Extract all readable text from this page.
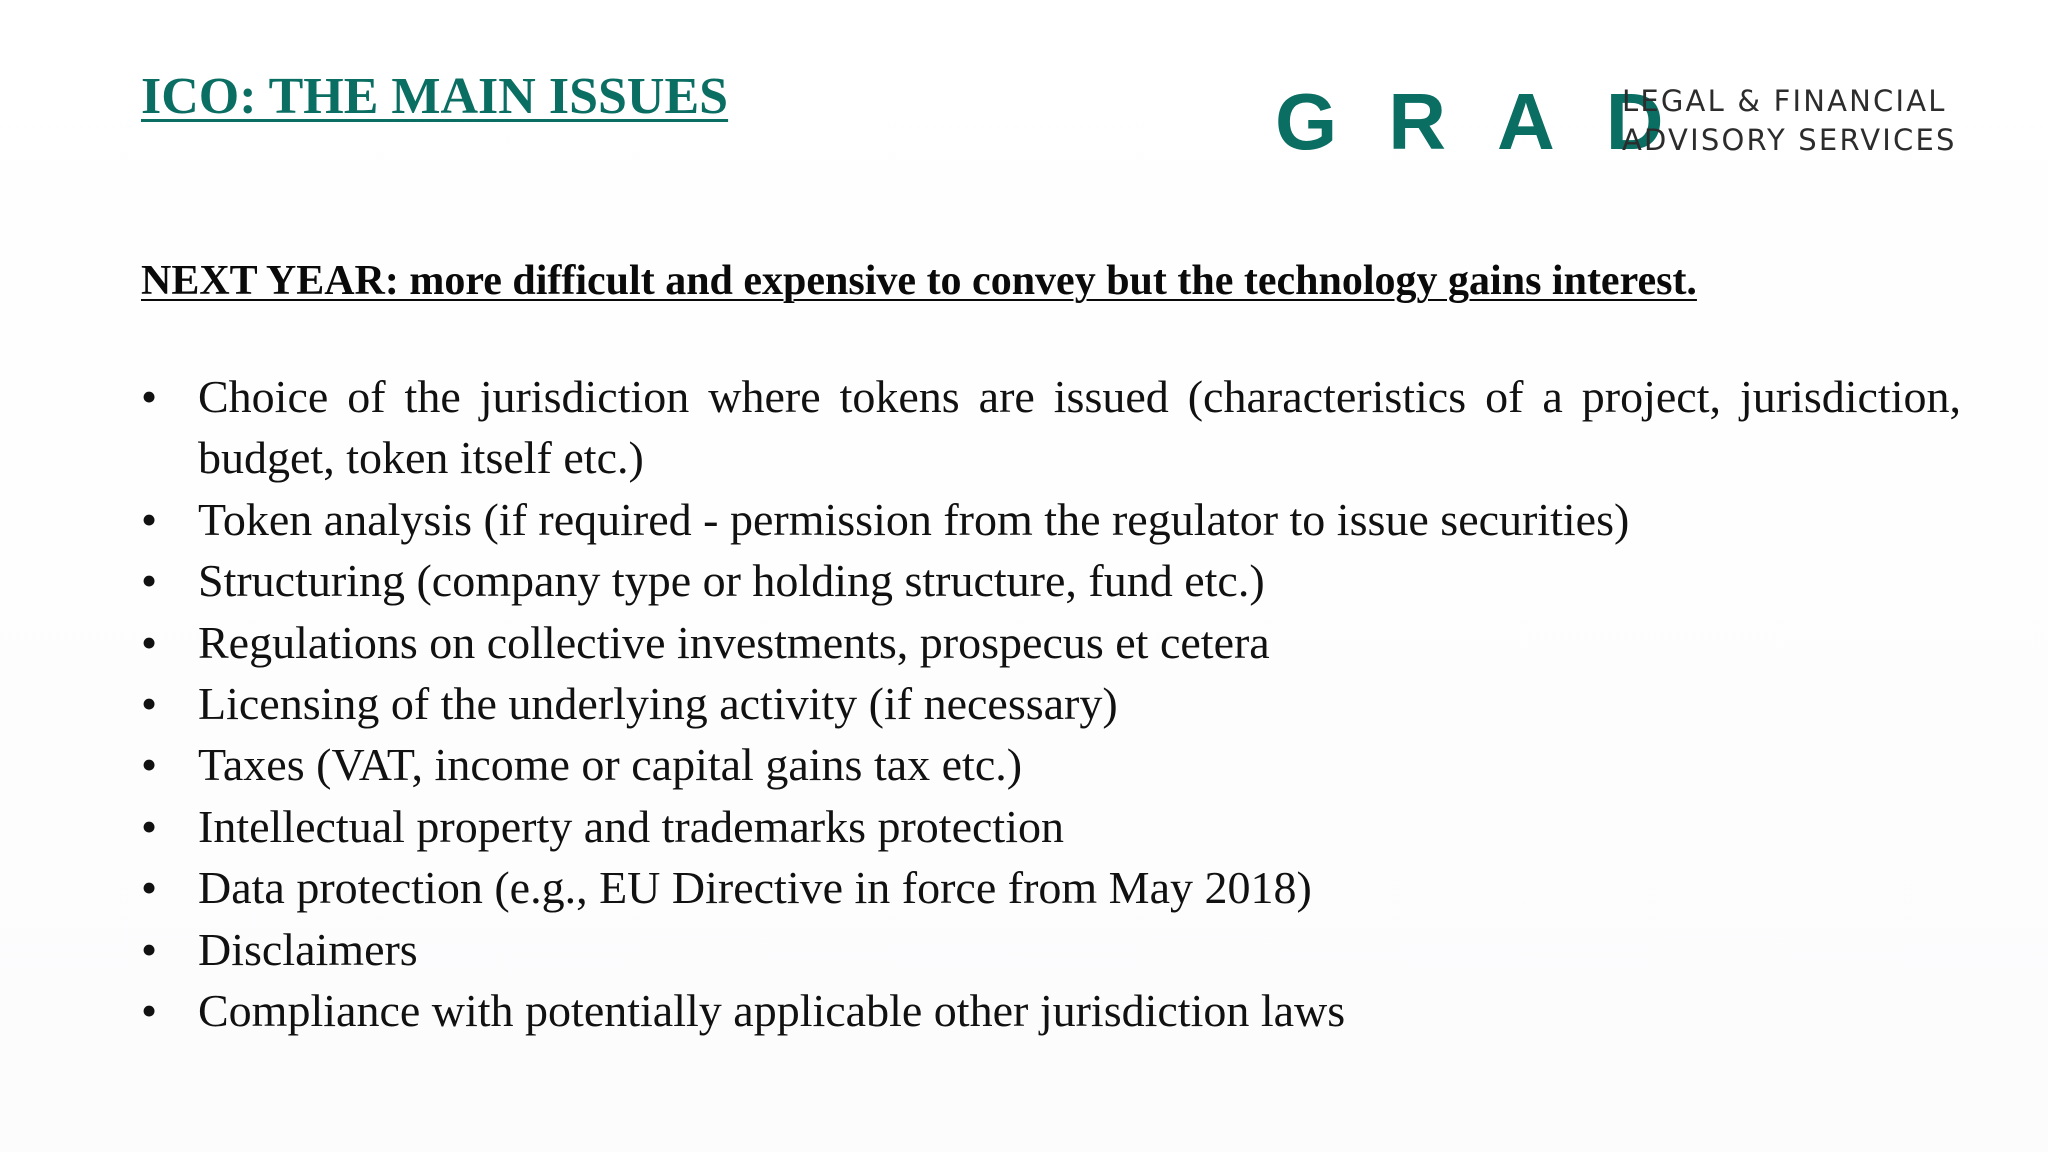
ICO: THE MAIN ISSUES	GRAD
LEGAL & FINANCIAL
ADVISORY SERVICES
NEXT YEAR: more difficult and expensive to convey but the technology gains interest.
• Choice of the jurisdiction where tokens are issued (characteristics of a project, jurisdiction, budget, token itself etc.)
• Token analysis (if required - permission from the regulator to issue securities)
• Structuring (company type or holding structure, fund etc.)
• Regulations on collective investments, prospecus et cetera
• Licensing of the underlying activity (if necessary)
• Taxes (VAT, income or capital gains tax etc.)
• Intellectual property and trademarks protection
• Data protection (e.g., EU Directive in force from May 2018)
• Disclaimers
• Compliance with potentially applicable other jurisdiction laws
